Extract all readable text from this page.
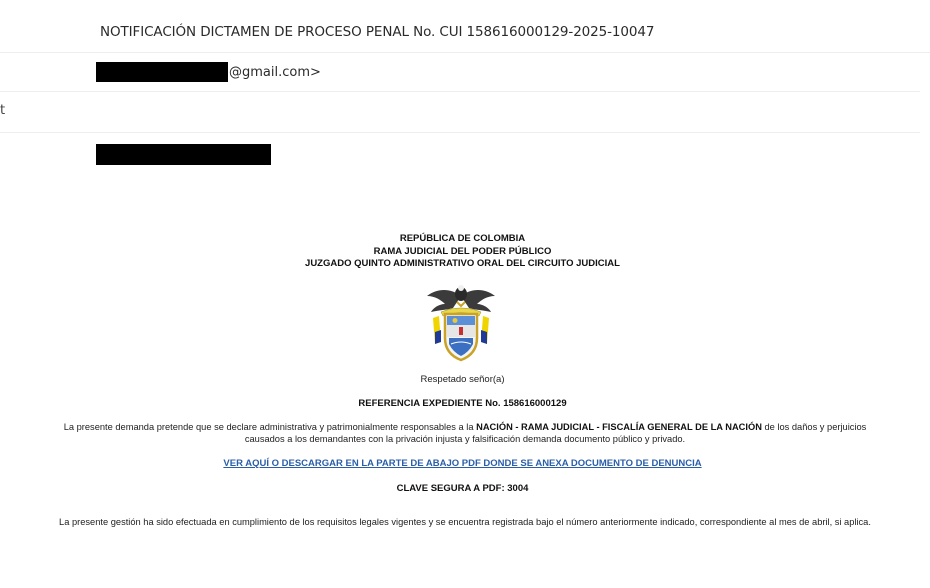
NOTIFICACIÓN DICTAMEN DE PROCESO PENAL No. CUI 158616000129-2025-10047
@gmail.com>
t
REPÚBLICA DE COLOMBIA
RAMA JUDICIAL DEL PODER PÚBLICO
JUZGADO QUINTO ADMINISTRATIVO ORAL DEL CIRCUITO JUDICIAL
Respetado señor(a)
REFERENCIA EXPEDIENTE No. 158616000129
La presente demanda pretende que se declare administrativa y patrimonialmente responsables a la NACIÓN - RAMA JUDICIAL - FISCALÍA GENERAL DE LA NACIÓN de los daños y perjuicios causados a los demandantes con la privación injusta y falsificación demanda documento público y privado.
VER AQUÍ O DESCARGAR EN LA PARTE DE ABAJO PDF DONDE SE ANEXA DOCUMENTO DE DENUNCIA
CLAVE SEGURA A PDF: 3004
La presente gestión ha sido efectuada en cumplimiento de los requisitos legales vigentes y se encuentra registrada bajo el número anteriormente indicado, correspondiente al mes de abril, si aplica.
